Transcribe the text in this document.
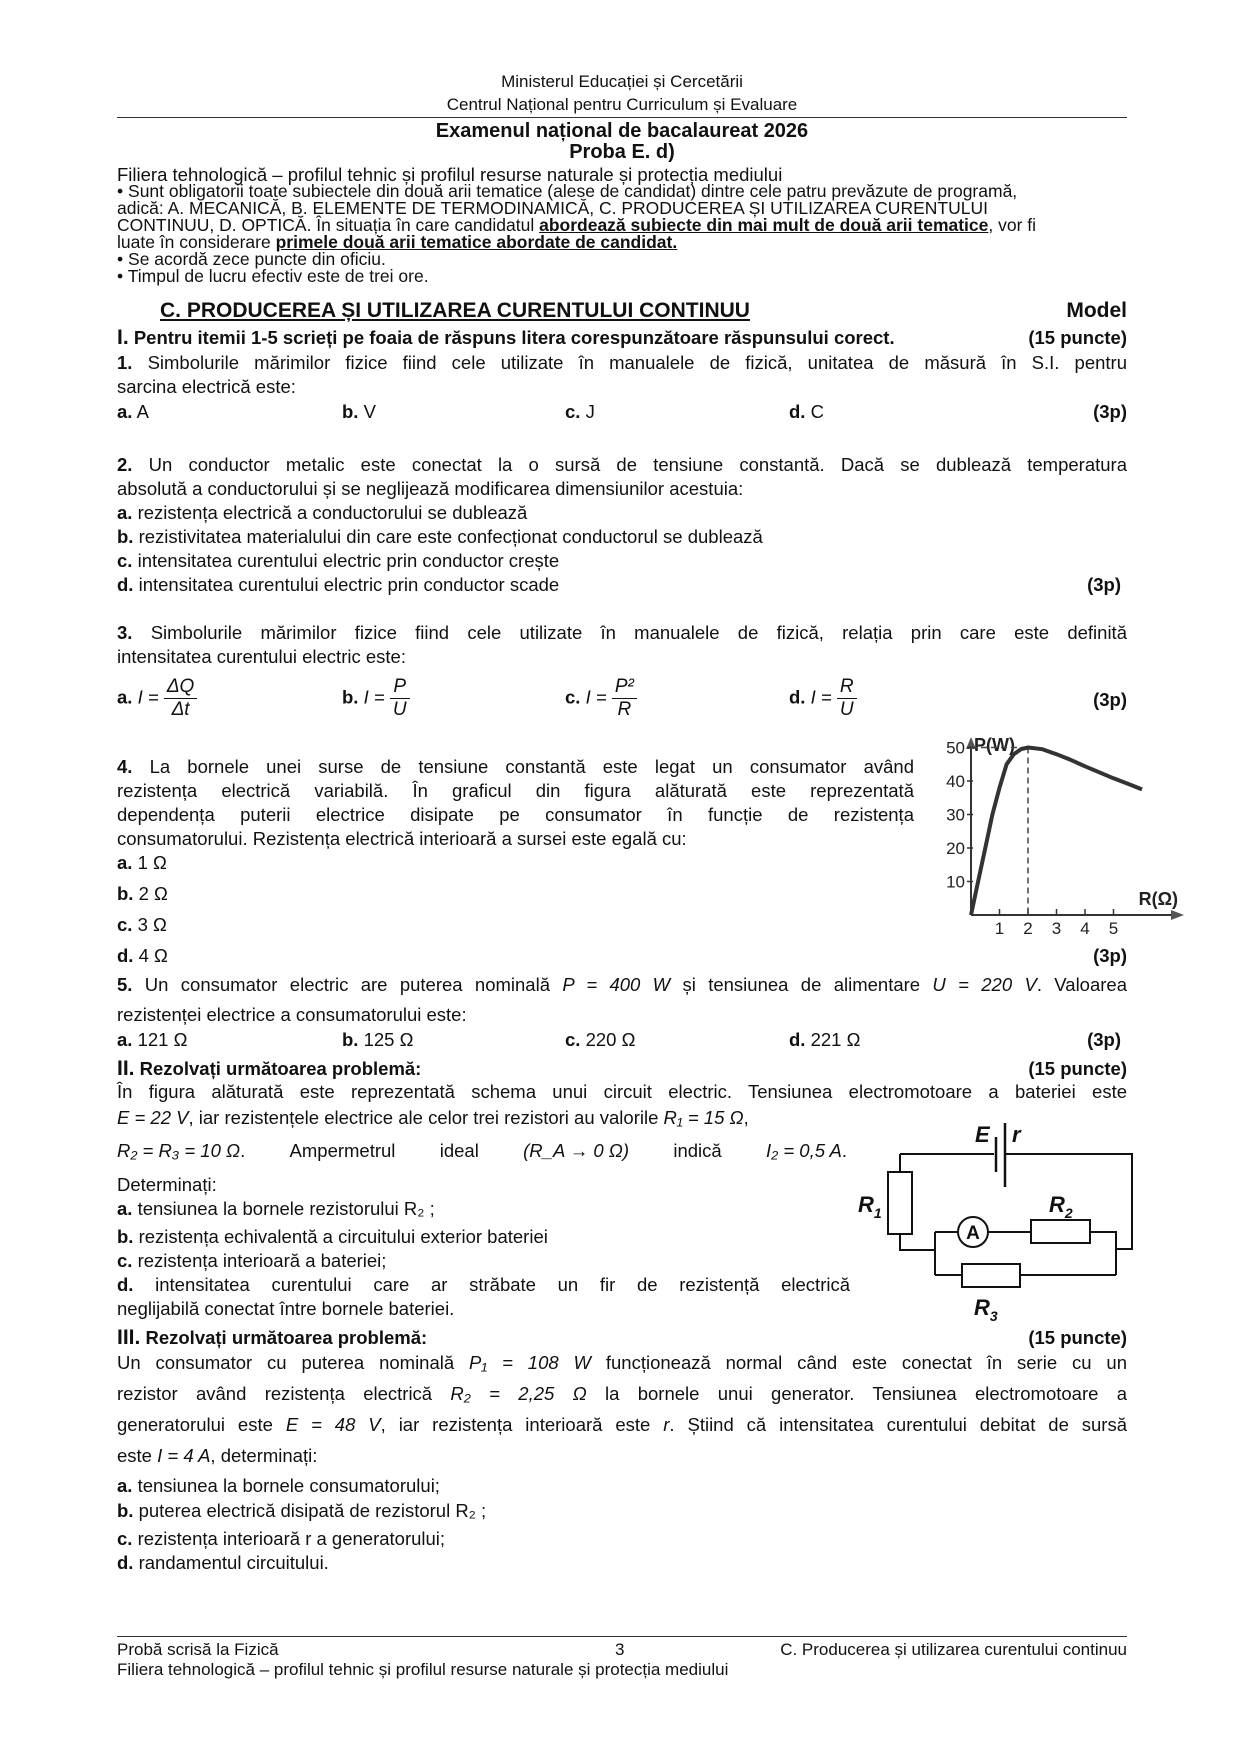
Ministerul Educației și Cercetării
Centrul Național pentru Curriculum și Evaluare
Examenul național de bacalaureat 2026
Proba E. d)
Filiera tehnologică – profilul tehnic și profilul resurse naturale și protecția mediului
• Sunt obligatorii toate subiectele din două arii tematice (alese de candidat) dintre cele patru prevăzute de programă,
adică: A. MECANICĂ, B. ELEMENTE DE TERMODINAMICĂ, C. PRODUCEREA ȘI UTILIZAREA CURENTULUI
CONTINUU, D. OPTICĂ. În situația în care candidatul abordează subiecte din mai mult de două arii tematice, vor fi
luate în considerare primele două arii tematice abordate de candidat.
• Se acordă zece puncte din oficiu.
• Timpul de lucru efectiv este de trei ore.
C. PRODUCEREA ȘI UTILIZAREA CURENTULUI CONTINUU	Model
I. Pentru itemii 1-5 scrieți pe foaia de răspuns litera corespunzătoare răspunsului corect.	(15 puncte)
1. Simbolurile mărimilor fizice fiind cele utilizate în manualele de fizică, unitatea de măsură în S.I. pentru
sarcina electrică este:
a. A	b. V	c. J	d. C	(3p)
2. Un conductor metalic este conectat la o sursă de tensiune constantă. Dacă se dublează temperatura
absolută a conductorului și se neglijează modificarea dimensiunilor acestuia:
a. rezistența electrică a conductorului se dublează
b. rezistivitatea materialului din care este confecționat conductorul se dublează
c. intensitatea curentului electric prin conductor crește
d. intensitatea curentului electric prin conductor scade	(3p)
3. Simbolurile mărimilor fizice fiind cele utilizate în manualele de fizică, relația prin care este definită
intensitatea curentului electric este:
a. $I = \frac{\Delta Q}{\Delta t}$	b. $I = \frac{P}{U}$	c. $I = \frac{\text{P²}}{R}$	d. $I = \frac{R}{U}$	(3p)
4. La bornele unei surse de tensiune constantă este legat un consumator având
rezistența electrică variabilă. În graficul din figura alăturată este reprezentată
dependența puterii electrice disipate pe consumator în funcție de rezistența
consumatorului. Rezistența electrică interioară a sursei este egală cu:
a. 1 Ω
b. 2 Ω
c. 3 Ω
d. 4 Ω	(3p)
10
20
30
40
50
1 2 3 4 5
P(W)
R(Ω)
5. Un consumator electric are puterea nominală P = 400 W și tensiunea de alimentare U = 220 V. Valoarea
rezistenței electrice a consumatorului este:
a. 121 Ω	b. 125 Ω	c. 220 Ω	d. 221 Ω	(3p)
II. Rezolvați următoarea problemă:	(15 puncte)
În figura alăturată este reprezentată schema unui circuit electric. Tensiunea electromotoare a bateriei este
E = 22 V, iar rezistențele electrice ale celor trei rezistori au valorile R₁ = 15 Ω,
R₂ = R₃ = 10 Ω. Ampermetrul ideal (R_A → 0 Ω) indică I₂ = 0,5 A.
Determinați:
a. tensiunea la bornele rezistorului R₂ ;
b. rezistența echivalentă a circuitului exterior bateriei
c. rezistența interioară a bateriei;
d. intensitatea curentului care ar străbate un fir de rezistență electrică
neglijabilă conectat între bornele bateriei.
A
E r
$R_1$	$R_2$
$R_3$
III. Rezolvați următoarea problemă:	(15 puncte)
Un consumator cu puterea nominală P₁ = 108 W funcționează normal când este conectat în serie cu un
rezistor având rezistența electrică R₂ = 2,25 Ω la bornele unui generator. Tensiunea electromotoare a
generatorului este E = 48 V, iar rezistența interioară este r. Știind că intensitatea curentului debitat de sursă
este I = 4 A, determinați:
a. tensiunea la bornele consumatorului;
b. puterea electrică disipată de rezistorul R₂ ;
c. rezistența interioară r a generatorului;
d. randamentul circuitului.
Probă scrisă la Fizică	3	C. Producerea și utilizarea curentului continuu
Filiera tehnologică – profilul tehnic și profilul resurse naturale și protecția mediului
